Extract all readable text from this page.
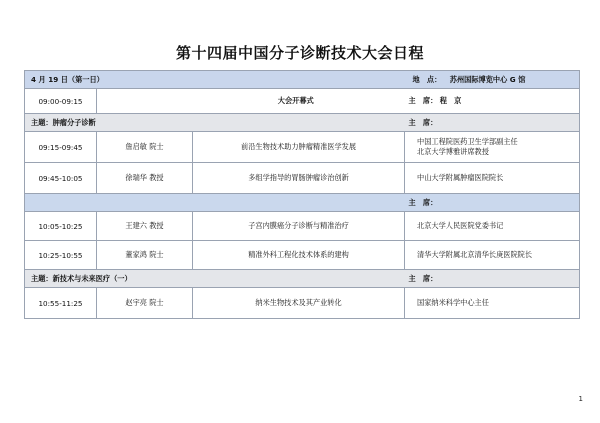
第十四届中国分子诊断技术大会日程
4 月 19 日（第一日）			地　点： 苏州国际博览中心 G 馆
09:00-09:15	大会开幕式		主　席： 程　京
主题：肿瘤分子诊断			主　席：
09:15-09:45	詹启敏 院士	前沿生物技术助力肿瘤精准医学发展	中国工程院医药卫生学部副主任
北京大学博雅讲席教授

09:45-10:05	徐瑞华 教授	多组学指导的胃肠肿瘤诊治创新	中山大学附属肿瘤医院院长

			主　席：
10:05-10:25	王建六 教授	子宫内膜癌分子诊断与精准治疗	北京大学人民医院党委书记

10:25-10:55	董家鸿 院士	精准外科工程化技术体系的建构	清华大学附属北京清华长庚医院院长

主题：新技术与未来医疗（一）			主　席：
10:55-11:25	赵宇亮 院士	纳米生物技术及其产业转化	国家纳米科学中心主任
1
